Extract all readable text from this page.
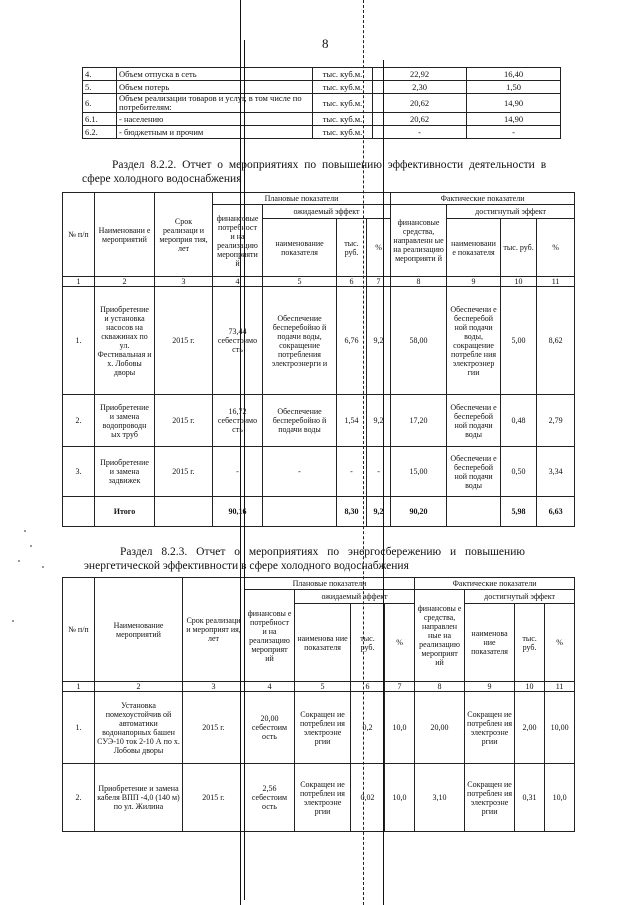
8
4.	Объем отпуска в сеть	тыс. куб.м.	22,92	16,40
5.	Объем потерь	тыс. куб.м.	2,30	1,50
6.	Объем реализации товаров и услуг, в том числе по потребителям:	тыс. куб.м.	20,62	14,90
6.1.	- населению	тыс. куб.м.	20,62	14,90
6.2.	- бюджетным и прочим	тыс. куб.м.	-	-
Раздел 8.2.2. Отчет о мероприятиях по повышению эффективности деятельности в
сфере холодного водоснабжения
№ п/п	Наименовани е мероприятий	Срок реализаци и мероприя тия, лет	Плановые показатели				Фактические показатели			
			финансовые потребност и на реализацию мероприяти й	ожидаемый эффект			финансовые средства, направленн ые на реализацию мероприяти й	достигнутый эффект		
				наименование показателя	тыс. руб.	%		наименовани е показателя	тыс. руб.	%
1	2	3	4	5	6	7	8	9	10	11
1.	Приобретение и установка насосов на скважинах по ул. Фестивальная и х. Лобовы дворы	2015 г.	73,44 себестоимо сть	Обеспечение бесперебойно й подачи воды, сокращение потребления электроэнерги и	6,76	9,2	58,00	Обеспечени е бесперебой ной подачи воды, сокращение потребле ния электроэнер гии	5,00	8,62
2.	Приобретение и замена водопроводн ых труб	2015 г.	16,72 себестоимо сть	Обеспечение бесперебойно й подачи воды	1,54	9,2	17,20	Обеспечени е бесперебой ной подачи воды	0,48	2,79
3.	Приобретение и замена задвижек	2015 г.	-	-	-	-	15,00	Обеспечени е бесперебой ной подачи воды	0,50	3,34
	Итого		90,16		8,30	9,2	90,20		5,98	6,63
Раздел 8.2.3. Отчет о мероприятиях по энергосбережению и повышению
энергетической эффективности в сфере холодного водоснабжения
№ п/п	Наименование мероприятий	Срок реализаци и мероприят ия, лет	Плановые показатели				Фактические показатели			
			финансовы е потребност и на реализацию мероприят ий	ожидаемый эффект			финансовы е средства, направлен ные на реализацию мероприят ий	достигнутый эффект		
				наименова ние показателя	тыс. руб.	%		наименова ние показателя	тыс. руб.	%
1	2	3	4	5	6	7	8	9	10	11
1.	Установка помехоустойчив ой автоматики водонапорных башен СУЭ-10 ток 2-10 А по х. Лобовы дворы	2015 г.	20,00 себестоим ость	Сокращен ие потреблен ия электроэне ргии	0,2	10,0	20,00	Сокращен ие потреблен ия электроэне ргии	2,00	10,00
2.	Приобретение и замена кабеля ВПП -4,0 (140 м) по ул. Жилина	2015 г.	2,56 себестоим ость	Сокращен ие потреблен ия электроэне ргии	0,02	10,0	3,10	Сокращен ие потреблен ия электроэне ргии	0,31	10,0
